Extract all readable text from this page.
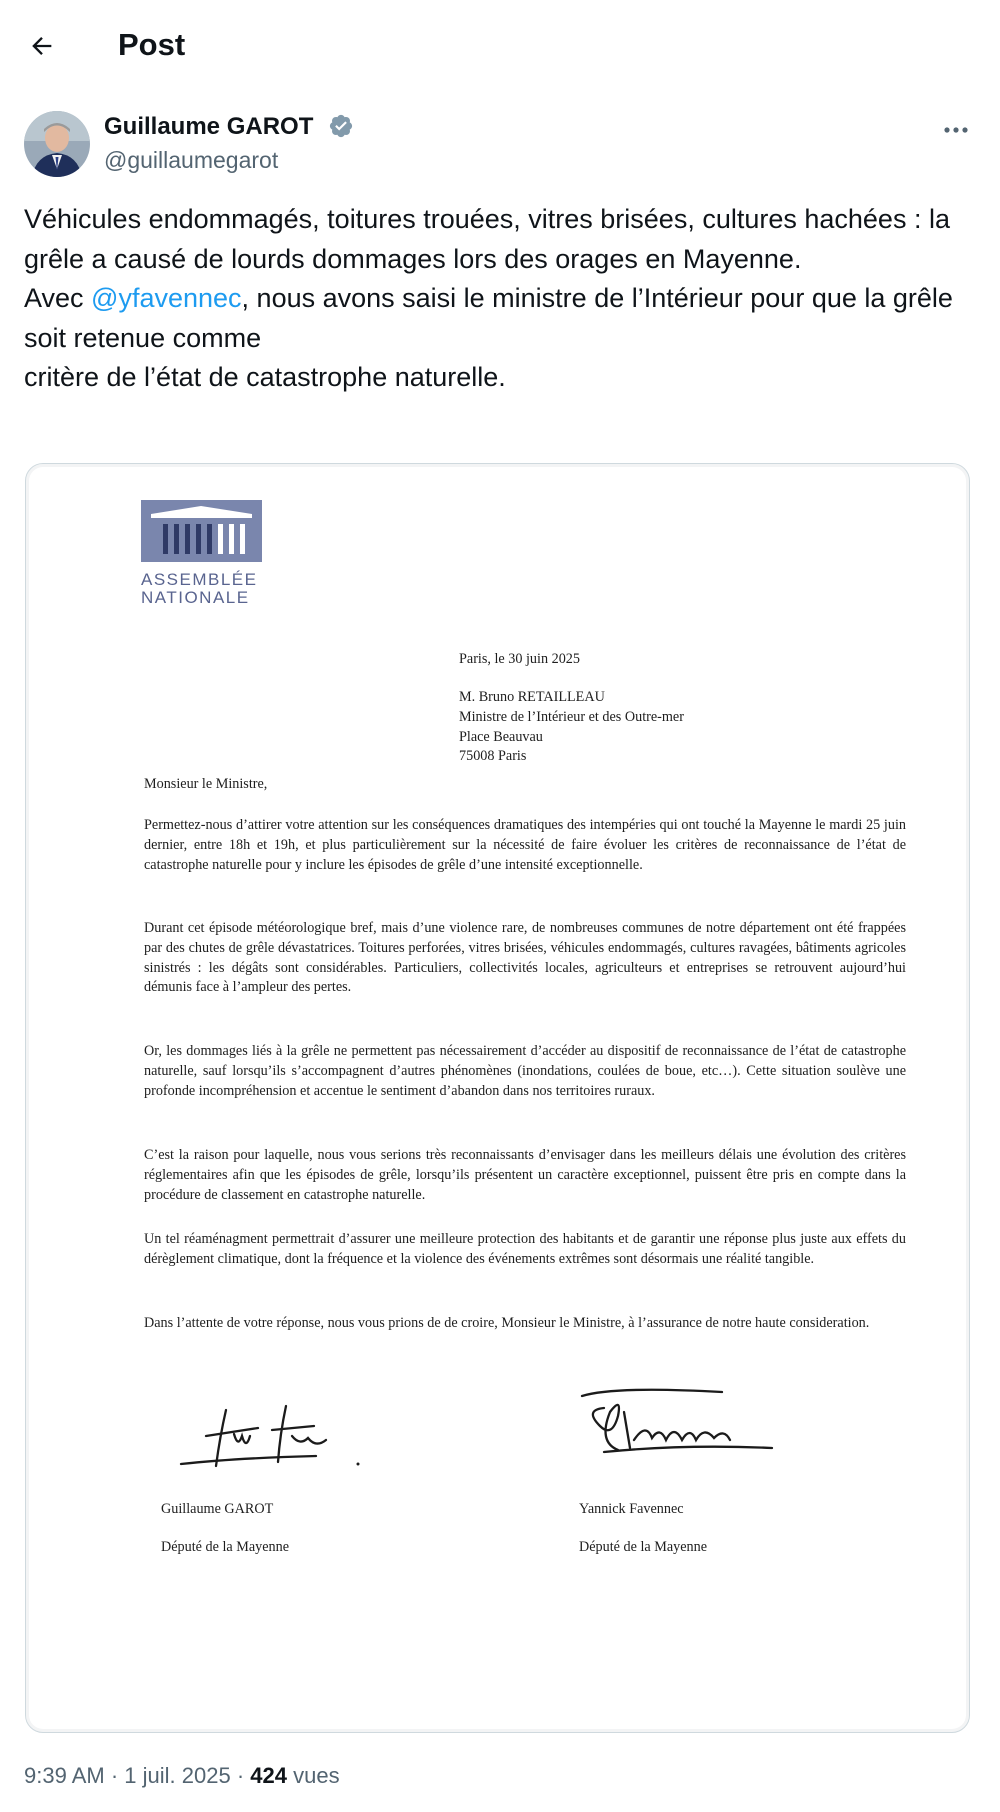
Post
Guillaume GAROT
@guillaumegarot

Véhicules endommagés, toitures trouées, vitres brisées, cultures hachées : la grêle a causé de lourds dommages lors des orages en Mayenne.

Avec @yfavennec, nous avons saisi le ministre de l’Intérieur pour que la grêle soit retenue comme

critère de l’état de catastrophe naturelle.

ASSEMBLÉE
NATIONALE
Paris, le 30 juin 2025
M. Bruno RETAILLEAU
Ministre de l’Intérieur et des Outre-mer
Place Beauvau
75008 Paris
Monsieur le Ministre,

Permettez-nous d’attirer votre attention sur les conséquences dramatiques des intempéries qui ont touché la Mayenne le mardi 25 juin dernier, entre 18h et 19h, et plus particulièrement sur la nécessité de faire évoluer les critères de reconnaissance de l’état de catastrophe naturelle pour y inclure les épisodes de grêle d’une intensité exceptionnelle.

Durant cet épisode météorologique bref, mais d’une violence rare, de nombreuses communes de notre département ont été frappées par des chutes de grêle dévastatrices. Toitures perforées, vitres brisées, véhicules endommagés, cultures ravagées, bâtiments agricoles sinistrés : les dégâts sont considérables. Particuliers, collectivités locales, agriculteurs et entreprises se retrouvent aujourd’hui démunis face à l’ampleur des pertes.

Or, les dommages liés à la grêle ne permettent pas nécessairement d’accéder au dispositif de reconnaissance de l’état de catastrophe naturelle, sauf lorsqu’ils s’accompagnent d’autres phénomènes (inondations, coulées de boue, etc…). Cette situation soulève une profonde incompréhension et accentue le sentiment d’abandon dans nos territoires ruraux.

C’est la raison pour laquelle, nous vous serions très reconnaissants d’envisager dans les meilleurs délais une évolution des critères réglementaires afin que les épisodes de grêle, lorsqu’ils présentent un caractère exceptionnel, puissent être pris en compte dans la procédure de classement en catastrophe naturelle.

Un tel réaménagment permettrait d’assurer une meilleure protection des habitants et de garantir une réponse plus juste aux effets du dérèglement climatique, dont la fréquence et la violence des événements extrêmes sont désormais une réalité tangible.

Dans l’attente de votre réponse, nous vous prions de de croire, Monsieur le Ministre, à l’assurance de notre haute consideration.

Guillaume GAROT
Député de la Mayenne
Yannick Favennec
Député de la Mayenne
9:39 AM · 1 juil. 2025 · 424 vues
